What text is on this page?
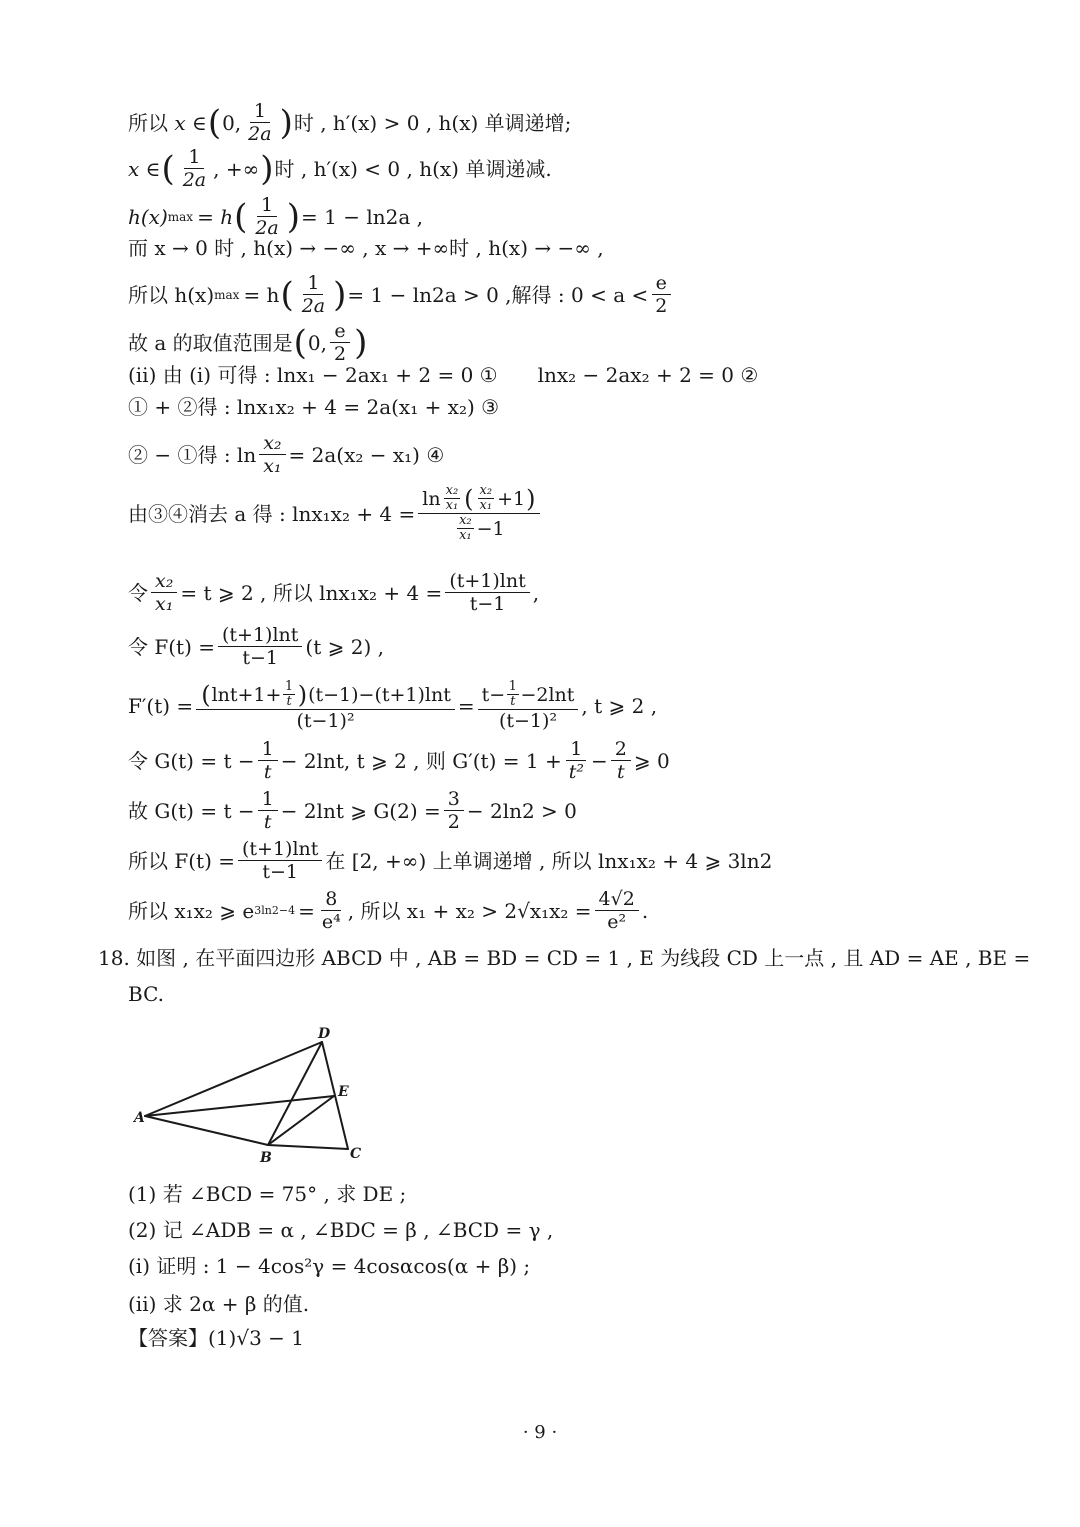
所以
x ∈ ( 0, $\frac{1}{2a}$ ) 时 , h′(x) > 0 , h(x) 单调递增;
x ∈ ( $\frac{1}{2a}$ , +∞ ) 时 , h′(x) < 0 , h(x) 单调递减.
h(x) max = h ( $\frac{1}{2a}$ ) = 1 − ln2a ,
而 x → 0 时 , h(x) → −∞ , x → +∞时 , h(x) → −∞ ,
所以 h(x) max = h ( $\frac{1}{2a}$ ) = 1 − ln2a > 0 ,解得 : $0 < a < \frac{e}{2}$
故 a 的取值范围是 ( 0, $\frac{e}{2}$ )
(ⅱ) 由 (ⅰ) 可得 : lnx₁ − 2ax₁ + 2 = 0 ① lnx₂ − 2ax₂ + 2 = 0 ②
① + ②得 : lnx₁x₂ + 4 = 2a(x₁ + x₂) ③
② − ①得 : $\ln \frac{\text{x₂}}{\text{x₁}} = 2a(x_2 - x_1)$ ④
由③④消去 a 得 : $\ln x_1x_2 + 4 = \frac{\ln \frac{\text{x₂}}{\text{x₁}} ( \frac{\text{x₂}}{\text{x₁}} +1 )}{\frac{\text{x₂}}{\text{x₁}} -1}$
令 $\frac{\text{x₂}}{\text{x₁}} = t$ ⩾ 2 , 所以 $\ln x_1x_2 + 4 = \frac{(t+1)\ln t}{t-1}$ ,
令 $F(t) = \frac{(t+1)\ln t}{t-1} (t$ ⩾ 2) ,
$F'(t) = \frac{( \ln t+1+ \frac{1}{t} ) (t-1)-(t+1)\ln t}{\text{(t−1)²}} = \frac{t- \frac{1}{t} -2\ln t}{\text{(t−1)²}}$ , t ⩾ 2 ,
令 $G(t) = t - \frac{1}{t} - 2\ln t$, t ⩾ 2 , 则 $G'(t) = 1 + \frac{1}{\text{t²}} - \frac{2}{t}$ ⩾ 0
故 $G(t) = t - \frac{1}{t} - 2\ln t$ ⩾ $G(2) = \frac{3}{2} - 2\ln 2 > 0$
所以 $F(t) = \frac{(t+1)\ln t}{t-1}$ 在 [2, +∞) 上单调递增 , 所以 lnx₁x₂ + 4 ⩾ 3ln2
所以 x₁x₂ ⩾ e $3\ln 2-4 = \frac{8}{\text{e⁴}}$ , 所以 $x_1 + x_2 > 2√x_1x_2 = \frac{4√2}{\text{e²}}$ .
18. 如图 , 在平面四边形 ABCD 中 , AB = BD = CD = 1 , E 为线段 CD 上一点 , 且 AD = AE , BE =
BC.
A
D
E
B	C
(1) 若 ∠BCD = 75° , 求 DE ;
(2) 记 ∠ADB = α , ∠BDC = β , ∠BCD = γ ,
(ⅰ) 证明 : 1 − 4cos²γ = 4cosαcos(α + β) ;
(ii) 求 2α + β 的值.
【答案】(1)√3 − 1
· 9 ·
